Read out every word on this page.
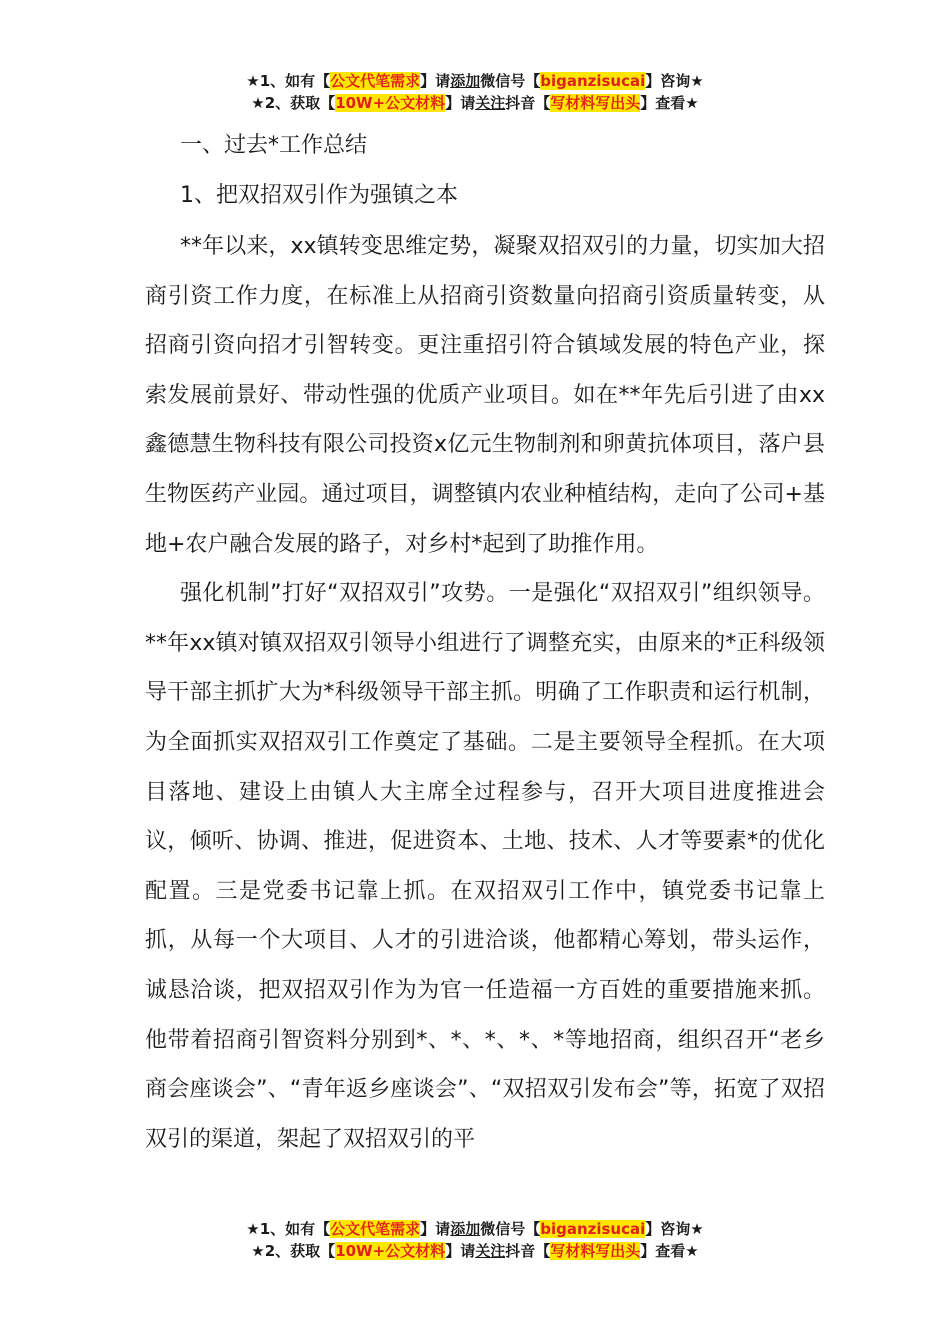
★1、如有【公文代笔需求】请添加微信号【biganzisucai】咨询★
★2、获取【10W+公文材料】请关注抖音【写材料写出头】查看★

一、过去*工作总结

1、把双招双引作为强镇之本

**年以来，xx镇转变思维定势，凝聚双招双引的力量，切实加大招商引资工作力度，在标准上从招商引资数量向招商引资质量转变，从招商引资向招才引智转变。更注重招引符合镇域发展的特色产业，探索发展前景好、带动性强的优质产业项目。如在**年先后引进了由xx鑫德慧生物科技有限公司投资x亿元生物制剂和卵黄抗体项目，落户县生物医药产业园。通过项目，调整镇内农业种植结构，走向了公司+基地+农户融合发展的路子，对乡村*起到了助推作用。

强化机制”打好“双招双引”攻势。一是强化“双招双引”组织领导。**年xx镇对镇双招双引领导小组进行了调整充实，由原来的*正科级领导干部主抓扩大为*科级领导干部主抓。明确了工作职责和运行机制，为全面抓实双招双引工作奠定了基础。二是主要领导全程抓。在大项目落地、建设上由镇人大主席全过程参与，召开大项目进度推进会议，倾听、协调、推进，促进资本、土地、技术、人才等要素*的优化配置。三是党委书记靠上抓。在双招双引工作中，镇党委书记靠上抓，从每一个大项目、人才的引进洽谈，他都精心筹划，带头运作，诚恳洽谈，把双招双引作为为官一任造福一方百姓的重要措施来抓。他带着招商引智资料分别到*、*、*、*、*等地招商，组织召开“老乡商会座谈会”、“青年返乡座谈会”、“双招双引发布会”等，拓宽了双招双引的渠道，架起了双招双引的平

★1、如有【公文代笔需求】请添加微信号【biganzisucai】咨询★
★2、获取【10W+公文材料】请关注抖音【写材料写出头】查看★
